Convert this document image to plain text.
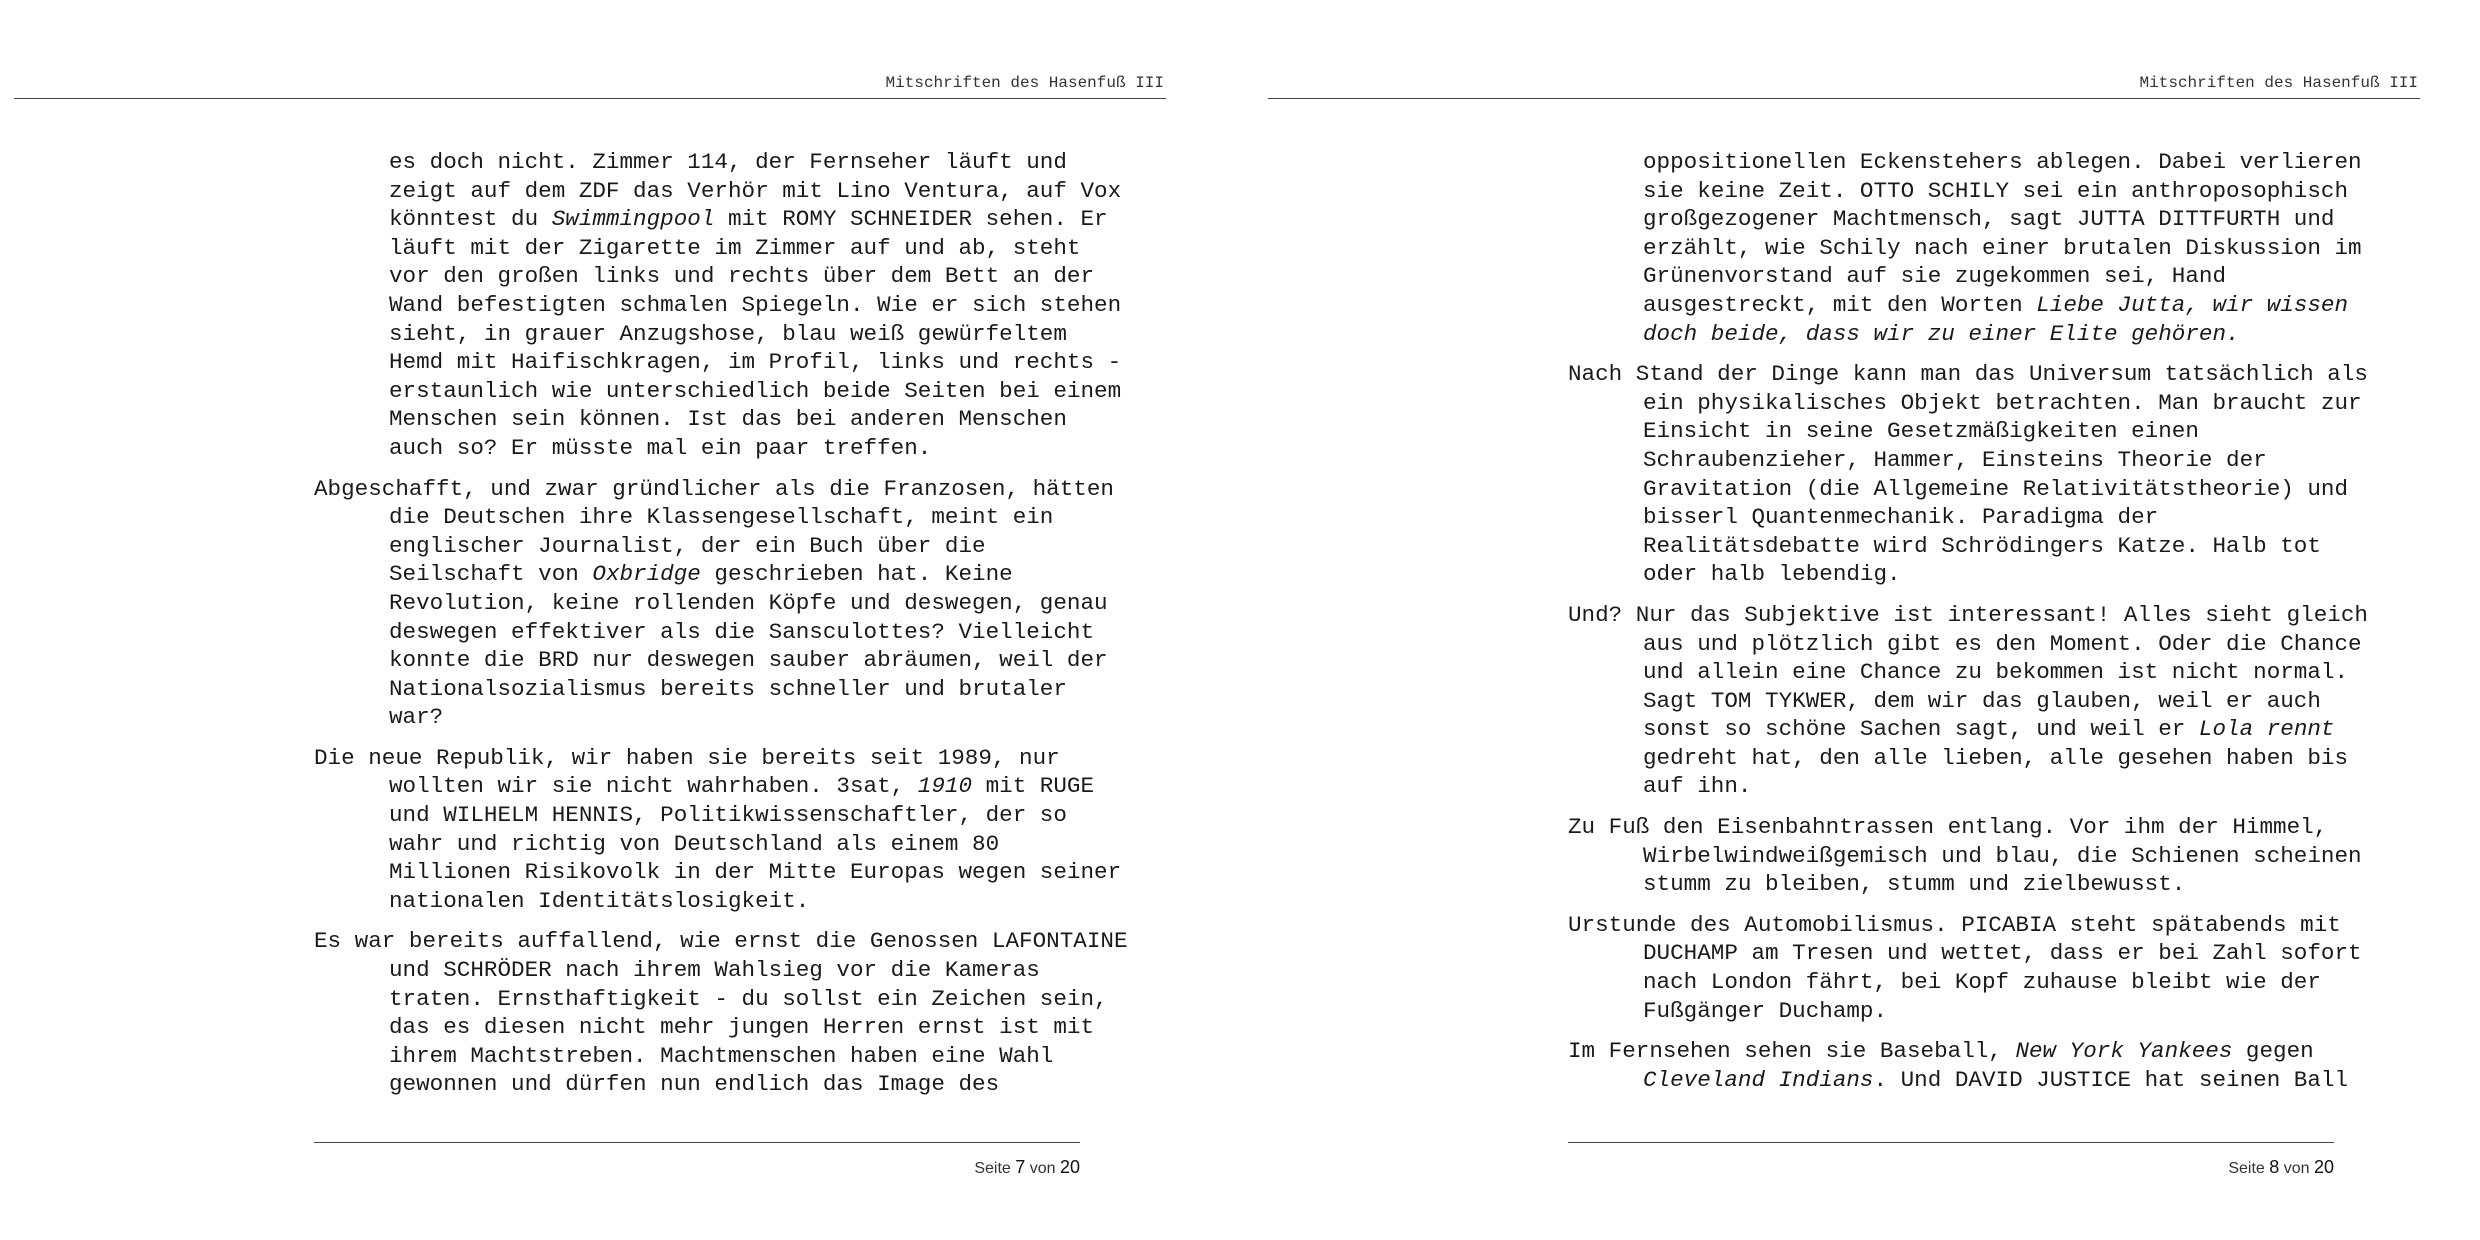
Mitschriften des Hasenfuß III
es doch nicht. Zimmer 114, der Fernseher läuft und
zeigt auf dem ZDF das Verhör mit Lino Ventura, auf Vox
könntest du Swimmingpool mit ROMY SCHNEIDER sehen. Er
läuft mit der Zigarette im Zimmer auf und ab, steht
vor den großen links und rechts über dem Bett an der
Wand befestigten schmalen Spiegeln. Wie er sich stehen
sieht, in grauer Anzugshose, blau weiß gewürfeltem
Hemd mit Haifischkragen, im Profil, links und rechts -
erstaunlich wie unterschiedlich beide Seiten bei einem
Menschen sein können. Ist das bei anderen Menschen
auch so? Er müsste mal ein paar treffen.
Abgeschafft, und zwar gründlicher als die Franzosen, hätten
die Deutschen ihre Klassengesellschaft, meint ein
englischer Journalist, der ein Buch über die
Seilschaft von Oxbridge geschrieben hat. Keine
Revolution, keine rollenden Köpfe und deswegen, genau
deswegen effektiver als die Sansculottes? Vielleicht
konnte die BRD nur deswegen sauber abräumen, weil der
Nationalsozialismus bereits schneller und brutaler
war?
Die neue Republik, wir haben sie bereits seit 1989, nur
wollten wir sie nicht wahrhaben. 3sat, 1910 mit RUGE
und WILHELM HENNIS, Politikwissenschaftler, der so
wahr und richtig von Deutschland als einem 80
Millionen Risikovolk in der Mitte Europas wegen seiner
nationalen Identitätslosigkeit.
Es war bereits auffallend, wie ernst die Genossen LAFONTAINE
und SCHRÖDER nach ihrem Wahlsieg vor die Kameras
traten. Ernsthaftigkeit - du sollst ein Zeichen sein,
das es diesen nicht mehr jungen Herren ernst ist mit
ihrem Machtstreben. Machtmenschen haben eine Wahl
gewonnen und dürfen nun endlich das Image des
Seite 7 von 20
Mitschriften des Hasenfuß III
oppositionellen Eckenstehers ablegen. Dabei verlieren
sie keine Zeit. OTTO SCHILY sei ein anthroposophisch
großgezogener Machtmensch, sagt JUTTA DITTFURTH und
erzählt, wie Schily nach einer brutalen Diskussion im
Grünenvorstand auf sie zugekommen sei, Hand
ausgestreckt, mit den Worten Liebe Jutta, wir wissen
doch beide, dass wir zu einer Elite gehören.
Nach Stand der Dinge kann man das Universum tatsächlich als
ein physikalisches Objekt betrachten. Man braucht zur
Einsicht in seine Gesetzmäßigkeiten einen
Schraubenzieher, Hammer, Einsteins Theorie der
Gravitation (die Allgemeine Relativitätstheorie) und
bisserl Quantenmechanik. Paradigma der
Realitätsdebatte wird Schrödingers Katze. Halb tot
oder halb lebendig.
Und? Nur das Subjektive ist interessant! Alles sieht gleich
aus und plötzlich gibt es den Moment. Oder die Chance
und allein eine Chance zu bekommen ist nicht normal.
Sagt TOM TYKWER, dem wir das glauben, weil er auch
sonst so schöne Sachen sagt, und weil er Lola rennt
gedreht hat, den alle lieben, alle gesehen haben bis
auf ihn.
Zu Fuß den Eisenbahntrassen entlang. Vor ihm der Himmel,
Wirbelwindweißgemisch und blau, die Schienen scheinen
stumm zu bleiben, stumm und zielbewusst.
Urstunde des Automobilismus. PICABIA steht spätabends mit
DUCHAMP am Tresen und wettet, dass er bei Zahl sofort
nach London fährt, bei Kopf zuhause bleibt wie der
Fußgänger Duchamp.
Im Fernsehen sehen sie Baseball, New York Yankees gegen
Cleveland Indians. Und DAVID JUSTICE hat seinen Ball
Seite 8 von 20
